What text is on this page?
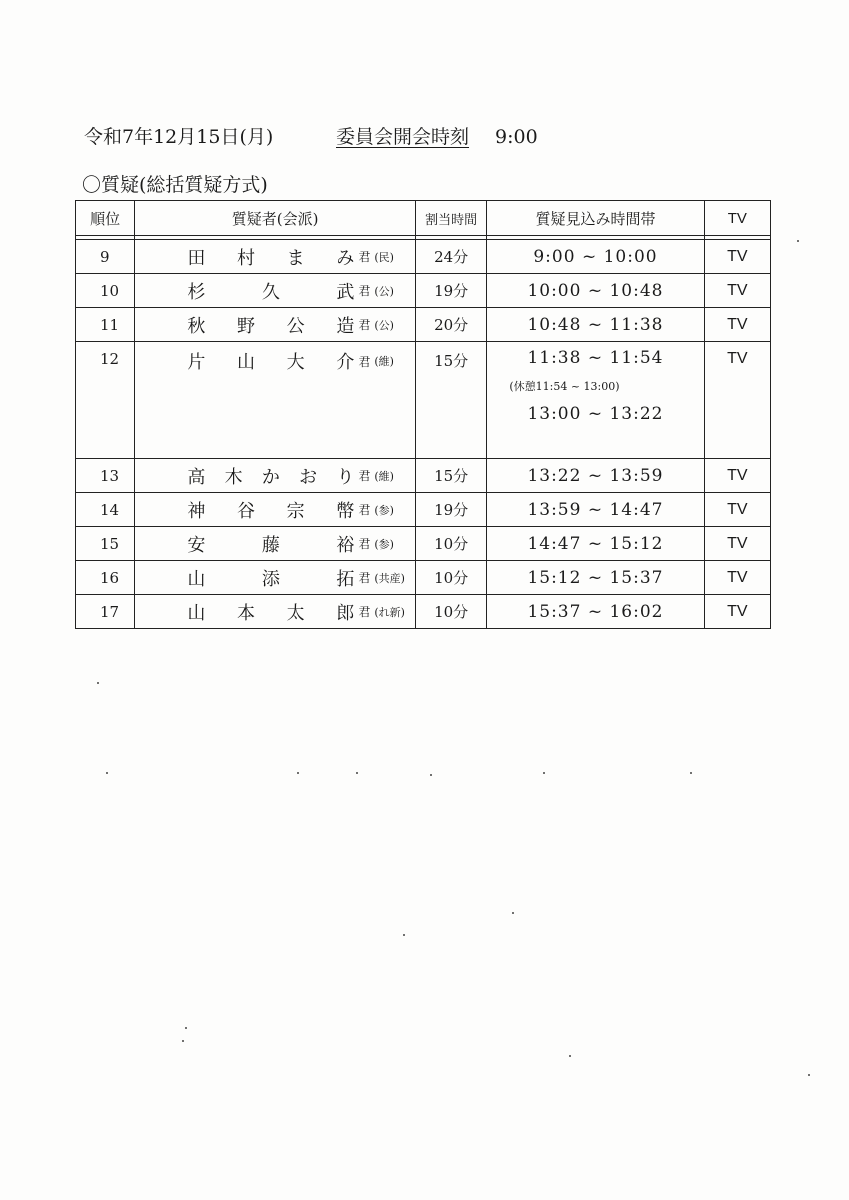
令和7年12月15日(月)	委員会開会時刻 9:00
〇質疑(総括質疑方式)
順位	質疑者(会派)	割当時間	質疑見込み時間帯	TV

9	田村まみ 君 (民)	24分	9:00 ~ 10:00	TV
10	杉久武 君 (公)	19分	10:00 ~ 10:48	TV
11	秋野公造 君 (公)	20分	10:48 ~ 11:38	TV
12	片山大介 君 (維)	15分	11:38 ~ 11:54
(休憩11:54 ~ 13:00)
13:00 ~ 13:22	TV
13	高木かおり 君 (維)	15分	13:22 ~ 13:59	TV
14	神谷宗幣 君 (参)	19分	13:59 ~ 14:47	TV
15	安藤裕 君 (参)	10分	14:47 ~ 15:12	TV
16	山添拓 君 (共産)	10分	15:12 ~ 15:37	TV
17	山本太郎 君 (れ新)	10分	15:37 ~ 16:02	TV
